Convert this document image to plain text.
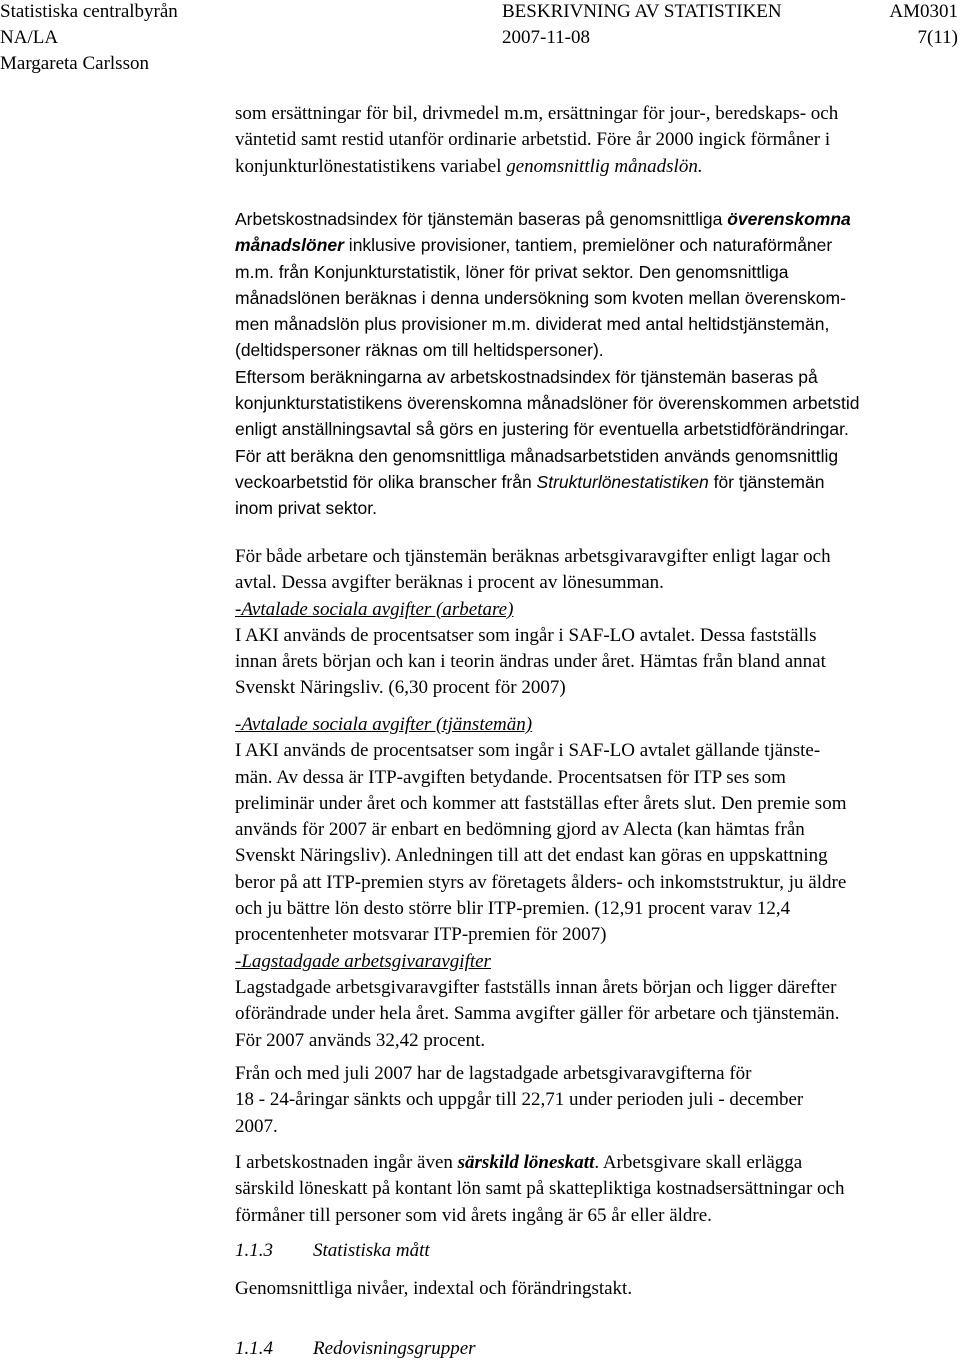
Statistiska centralbyrån
NA/LA
Margareta Carlsson
BESKRIVNING AV STATISTIKEN
2007-11-08
AM0301
7(11)
som ersättningar för bil, drivmedel m.m, ersättningar för jour-, beredskaps- och
väntetid samt restid utanför ordinarie arbetstid. Före år 2000 ingick förmåner i
konjunkturlönestatistikens variabel genomsnittlig månadslön.
Arbetskostnadsindex för tjänstemän baseras på genomsnittliga överenskomna
månadslöner inklusive provisioner, tantiem, premielöner och naturaförmåner
m.m. från Konjunkturstatistik, löner för privat sektor. Den genomsnittliga
månadslönen beräknas i denna undersökning som kvoten mellan överenskom-
men månadslön plus provisioner m.m. dividerat med antal heltidstjänstemän,
(deltidspersoner räknas om till heltidspersoner).
Eftersom beräkningarna av arbetskostnadsindex för tjänstemän baseras på
konjunkturstatistikens överenskomna månadslöner för överenskommen arbetstid
enligt anställningsavtal så görs en justering för eventuella arbetstidförändringar.
För att beräkna den genomsnittliga månadsarbetstiden används genomsnittlig
veckoarbetstid för olika branscher från Strukturlönestatistiken för tjänstemän
inom privat sektor.
För både arbetare och tjänstemän beräknas arbetsgivaravgifter enligt lagar och
avtal. Dessa avgifter beräknas i procent av lönesumman.
-Avtalade sociala avgifter (arbetare)
I AKI används de procentsatser som ingår i SAF-LO avtalet. Dessa fastställs
innan årets början och kan i teorin ändras under året. Hämtas från bland annat
Svenskt Näringsliv. (6,30 procent för 2007)
-Avtalade sociala avgifter (tjänstemän)
I AKI används de procentsatser som ingår i SAF-LO avtalet gällande tjänste-
män. Av dessa är ITP-avgiften betydande. Procentsatsen för ITP ses som
preliminär under året och kommer att fastställas efter årets slut. Den premie som
används för 2007 är enbart en bedömning gjord av Alecta (kan hämtas från
Svenskt Näringsliv). Anledningen till att det endast kan göras en uppskattning
beror på att ITP-premien styrs av företagets ålders- och inkomststruktur, ju äldre
och ju bättre lön desto större blir ITP-premien. (12,91 procent varav 12,4
procentenheter motsvarar ITP-premien för 2007)
-Lagstadgade arbetsgivaravgifter
Lagstadgade arbetsgivaravgifter fastställs innan årets början och ligger därefter
oförändrade under hela året. Samma avgifter gäller för arbetare och tjänstemän.
För 2007 används 32,42 procent.
Från och med juli 2007 har de lagstadgade arbetsgivaravgifterna för
18 - 24-åringar sänkts och uppgår till 22,71 under perioden juli - december
2007.
I arbetskostnaden ingår även särskild löneskatt. Arbetsgivare skall erlägga
särskild löneskatt på kontant lön samt på skattepliktiga kostnadsersättningar och
förmåner till personer som vid årets ingång är 65 år eller äldre.
1.1.3 Statistiska mått
Genomsnittliga nivåer, indextal och förändringstakt.
1.1.4 Redovisningsgrupper
